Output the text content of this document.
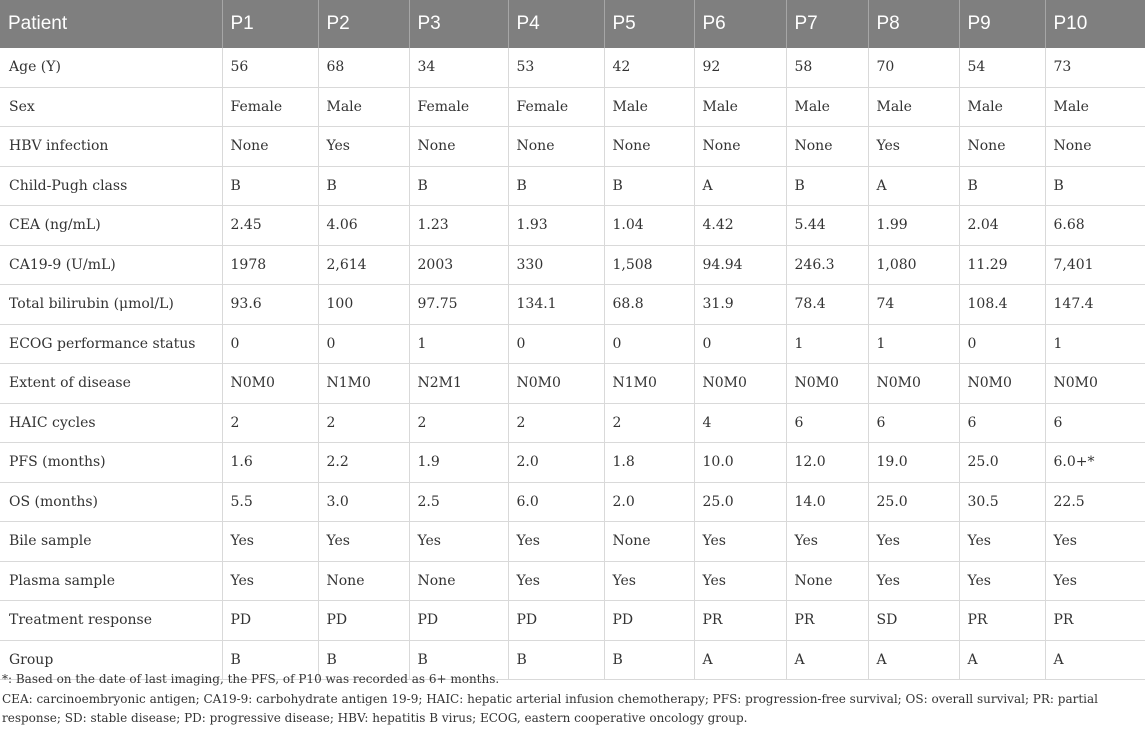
Patient	P1	P2	P3	P4	P5	P6	P7	P8	P9	P10
Age (Y)	56	68	34	53	42	92	58	70	54	73
Sex	Female	Male	Female	Female	Male	Male	Male	Male	Male	Male
HBV infection	None	Yes	None	None	None	None	None	Yes	None	None
Child-Pugh class	B	B	B	B	B	A	B	A	B	B
CEA (ng/mL)	2.45	4.06	1.23	1.93	1.04	4.42	5.44	1.99	2.04	6.68
CA19-9 (U/mL)	1978	2,614	2003	330	1,508	94.94	246.3	1,080	11.29	7,401
Total bilirubin (μmol/L)	93.6	100	97.75	134.1	68.8	31.9	78.4	74	108.4	147.4
ECOG performance status	0	0	1	0	0	0	1	1	0	1
Extent of disease	N0M0	N1M0	N2M1	N0M0	N1M0	N0M0	N0M0	N0M0	N0M0	N0M0
HAIC cycles	2	2	2	2	2	4	6	6	6	6
PFS (months)	1.6	2.2	1.9	2.0	1.8	10.0	12.0	19.0	25.0	6.0+*
OS (months)	5.5	3.0	2.5	6.0	2.0	25.0	14.0	25.0	30.5	22.5
Bile sample	Yes	Yes	Yes	Yes	None	Yes	Yes	Yes	Yes	Yes
Plasma sample	Yes	None	None	Yes	Yes	Yes	None	Yes	Yes	Yes
Treatment response	PD	PD	PD	PD	PD	PR	PR	SD	PR	PR
Group	B	B	B	B	B	A	A	A	A	A

*: Based on the date of last imaging, the PFS, of P10 was recorded as 6+ months.

CEA: carcinoembryonic antigen; CA19-9: carbohydrate antigen 19-9; HAIC: hepatic arterial infusion chemotherapy; PFS: progression-free survival; OS: overall survival; PR: partial response; SD: stable disease; PD: progressive disease; HBV: hepatitis B virus; ECOG, eastern cooperative oncology group.
